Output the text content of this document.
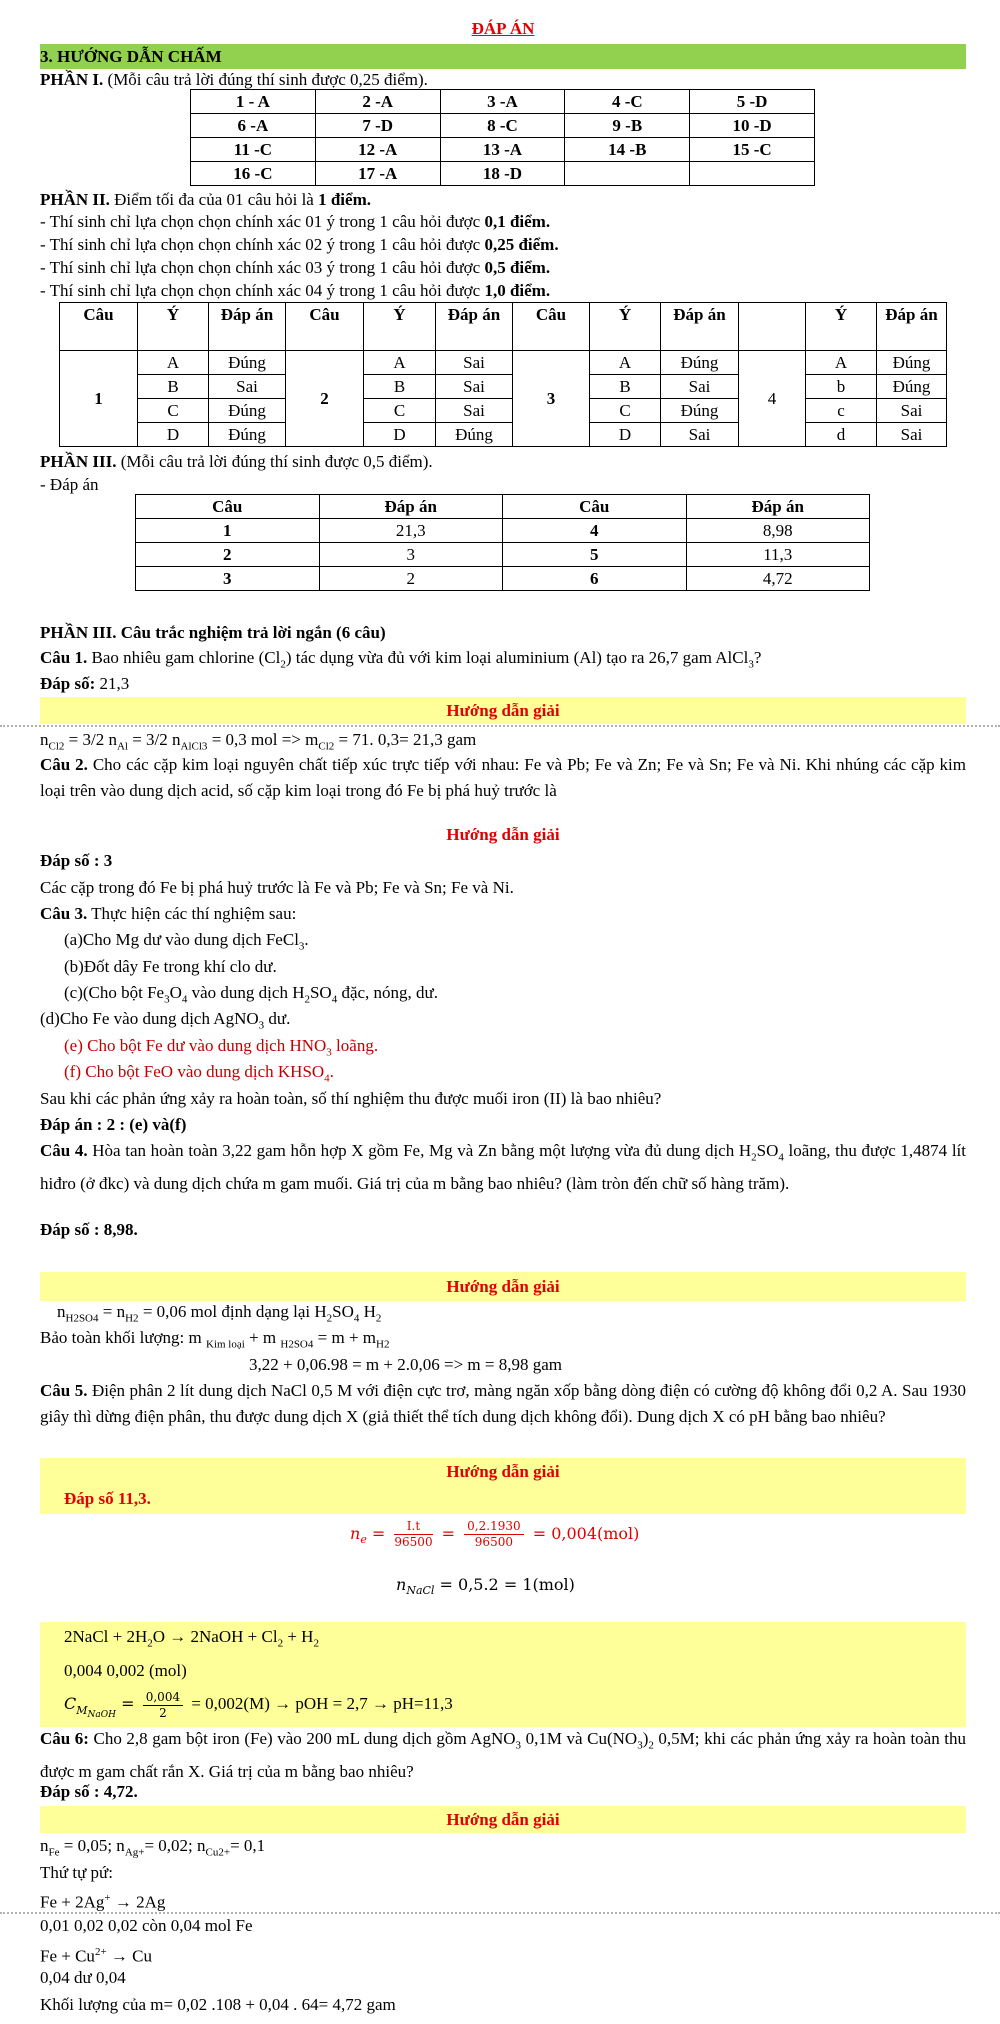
ĐÁP ÁN
3. HƯỚNG DẪN CHẤM
PHẦN I. (Mỗi câu trả lời đúng thí sinh được 0,25 điểm).
1 - A	2 -A	3 -A	4 -C	5 -D
6 -A	7 -D	8 -C	9 -B	10 -D
11 -C	12 -A	13 -A	14 -B	15 -C
16 -C	17 -A	18 -D		
PHẦN II. Điểm tối đa của 01 câu hỏi là 1 điểm.
- Thí sinh chỉ lựa chọn chọn chính xác 01 ý trong 1 câu hỏi được 0,1 điểm.
- Thí sinh chỉ lựa chọn chọn chính xác 02 ý trong 1 câu hỏi được 0,25 điểm.
- Thí sinh chỉ lựa chọn chọn chính xác 03 ý trong 1 câu hỏi được 0,5 điểm.
- Thí sinh chỉ lựa chọn chọn chính xác 04 ý trong 1 câu hỏi được 1,0 điểm.
Câu	Ý	Đáp án	Câu	Ý	Đáp án	Câu	Ý	Đáp án		Ý	Đáp án
1	A	Đúng	2	A	Sai	3	A	Đúng	4	A	Đúng
	B	Sai		B	Sai		B	Sai		b	Đúng
	C	Đúng		C	Sai		C	Đúng		c	Sai
	D	Đúng		D	Đúng		D	Sai		d	Sai
PHẦN III. (Mỗi câu trả lời đúng thí sinh được 0,5 điểm).
- Đáp án
Câu	Đáp án	Câu	Đáp án
1	21,3	4	8,98
2	3	5	11,3
3	2	6	4,72
PHẦN III. Câu trắc nghiệm trả lời ngắn (6 câu)
Câu 1. Bao nhiêu gam chlorine $(Cl_2)$ tác dụng vừa đủ với kim loại aluminium (Al) tạo ra 26,7 gam AlCl$_3$?
Đáp số: 21,3
Hướng dẫn giải
$n_{Cl2} = 3/2$ $n_{Al} = 3/2$ $n_{AlCl3} = 0,3$ mol => $m_{Cl2} = 71$. 0,3= 21,3 gam
Câu 2. Cho các cặp kim loại nguyên chất tiếp xúc trực tiếp với nhau: Fe và Pb; Fe và Zn; Fe và Sn; Fe và Ni. Khi nhúng các cặp kim loại trên vào dung dịch acid, số cặp kim loại trong đó Fe bị phá huỷ trước là
Hướng dẫn giải
Đáp số : 3
Các cặp trong đó Fe bị phá huỷ trước là Fe và Pb; Fe và Sn; Fe và Ni.
Câu 3. Thực hiện các thí nghiệm sau:
(a)Cho Mg dư vào dung dịch FeCl$_3$.
(b)Đốt dây Fe trong khí clo dư.
(c)(Cho bột $Fe_3O_4$ vào dung dịch $H_2SO_4$ đặc, nóng, dư.
(d)Cho Fe vào dung dịch AgNO$_3$ dư.
(e) Cho bột Fe dư vào dung dịch $HNO_3$ loãng.
(f) Cho bột FeO vào dung dịch $KHSO_4$.
Sau khi các phản ứng xảy ra hoàn toàn, số thí nghiệm thu được muối iron (II) là bao nhiêu?
Đáp án : 2 : (e) và(f)
Câu 4. Hòa tan hoàn toàn 3,22 gam hỗn hợp X gồm Fe, Mg và Zn bằng một lượng vừa đủ dung dịch $H_2SO_4$ loãng, thu được 1,4874 lít hiđro (ở đkc) và dung dịch chứa m gam muối. Giá trị của m bằng bao nhiêu? (làm tròn đến chữ số hàng trăm).
Đáp số : 8,98.
Hướng dẫn giải
$n_{H2SO4} = n_{H2} = 0,06$ mol định dạng lại $H_2SO_4$ $H_2$
Bảo toàn khối lượng: m $_{Kim loại}$ + m $_{H2SO4} = m + m_{H2}$
3,22 + 0,06.98 = m + 2.0,06 => m = 8,98 gam
Câu 5. Điện phân 2 lít dung dịch NaCl 0,5 M với điện cực trơ, màng ngăn xốp bằng dòng điện có cường độ không đổi 0,2 A. Sau 1930 giây thì dừng điện phân, thu được dung dịch X (giả thiết thể tích dung dịch không đổi). Dung dịch X có pH bằng bao nhiêu?
Hướng dẫn giải
Đáp số 11,3.
$n_e = \frac{I.t}{96500} = \frac{0,2.1930}{96500} = 0,004(mol)$
$n_{NaCl} = 0,5.2 = 1(mol)$
2NaCl + $2H_2O$ → 2NaOH + $Cl_2 + H_2$
0,004 0,002 (mol)
$C_{M_{NaOH}} = \frac{0,004}{2} = 0,002(M)$ → pOH = 2,7 → pH=11,3
Câu 6: Cho 2,8 gam bột iron (Fe) vào 200 mL dung dịch gồm AgNO$_3$ 0,1M và $Cu(NO_3)_2$ 0,5M; khi các phản ứng xảy ra hoàn toàn thu được m gam chất rắn X. Giá trị của m bằng bao nhiêu?
Đáp số : 4,72.
Hướng dẫn giải
$n_{Fe} = 0,05$; $n_{Ag+}= 0,02$; $n_{Cu2+}= 0,1$
Thứ tự pứ:
Fe + 2Ag+ → 2Ag
0,01 0,02 0,02 còn 0,04 mol Fe
$Fe + Cu^{2+} \to Cu$
0,04 dư 0,04
Khối lượng của m= 0,02 .108 + 0,04 . 64= 4,72 gam
